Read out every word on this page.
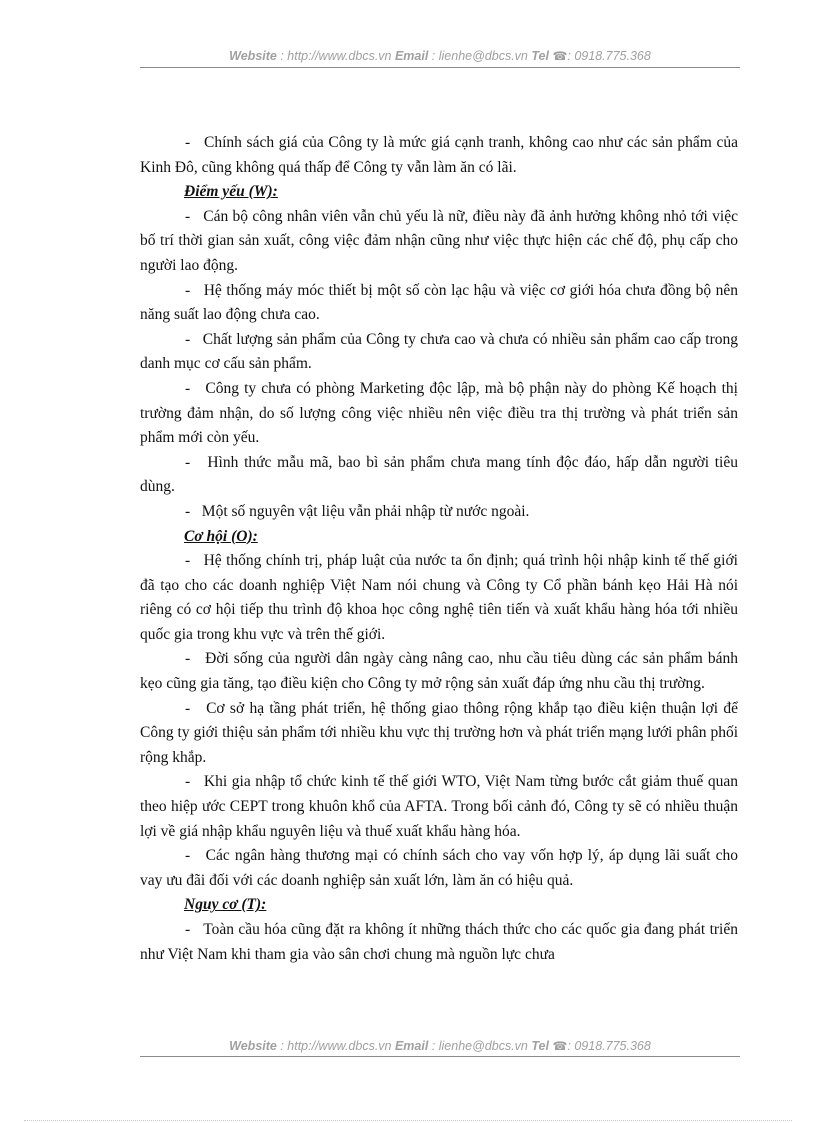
Website : http://www.dbcs.vn Email : lienhe@dbcs.vn Tel ☎: 0918.775.368

-   Chính sách giá của Công ty là mức giá cạnh tranh, không cao như các sản phẩm của Kinh Đô, cũng không quá thấp để Công ty vẫn làm ăn có lãi.

Điểm yếu (W):

-   Cán bộ công nhân viên vẫn chủ yếu là nữ, điều này đã ảnh hưởng không nhỏ tới việc bố trí thời gian sản xuất, công việc đảm nhận cũng như việc thực hiện các chế độ, phụ cấp cho người lao động.

-   Hệ thống máy móc thiết bị một số còn lạc hậu và việc cơ giới hóa chưa đồng bộ nên năng suất lao động chưa cao.

-   Chất lượng sản phẩm của Công ty chưa cao và chưa có nhiều sản phẩm cao cấp trong danh mục cơ cấu sản phẩm.

-   Công ty chưa có phòng Marketing độc lập, mà bộ phận này do phòng Kế hoạch thị trường đảm nhận, do số lượng công việc nhiều nên việc điều tra thị trường và phát triển sản phẩm mới còn yếu.

-   Hình thức mẫu mã, bao bì sản phẩm chưa mang tính độc đáo, hấp dẫn người tiêu dùng.

-   Một số nguyên vật liệu vẫn phải nhập từ nước ngoài.

Cơ hội (O):

-   Hệ thống chính trị, pháp luật của nước ta ổn định; quá trình hội nhập kinh tế thế giới đã tạo cho các doanh nghiệp Việt Nam nói chung và Công ty Cổ phần bánh kẹo Hải Hà nói riêng có cơ hội tiếp thu trình độ khoa học công nghệ tiên tiến và xuất khẩu hàng hóa tới nhiều quốc gia trong khu vực và trên thế giới.

-   Đời sống của người dân ngày càng nâng cao, nhu cầu tiêu dùng các sản phẩm bánh kẹo cũng gia tăng, tạo điều kiện cho Công ty mở rộng sản xuất đáp ứng nhu cầu thị trường.

-   Cơ sở hạ tầng phát triển, hệ thống giao thông rộng khắp tạo điều kiện thuận lợi để Công ty giới thiệu sản phẩm tới nhiều khu vực thị trường hơn và phát triển mạng lưới phân phối rộng khắp.

-   Khi gia nhập tổ chức kinh tế thế giới WTO, Việt Nam từng bước cắt giảm thuế quan theo hiệp ước CEPT trong khuôn khổ của AFTA. Trong bối cảnh đó, Công ty sẽ có nhiều thuận lợi về giá nhập khẩu nguyên liệu và thuế xuất khẩu hàng hóa.

-   Các ngân hàng thương mại có chính sách cho vay vốn hợp lý, áp dụng lãi suất cho vay ưu đãi đối với các doanh nghiệp sản xuất lớn, làm ăn có hiệu quả.

Nguy cơ (T):

-   Toàn cầu hóa cũng đặt ra không ít những thách thức cho các quốc gia đang phát triển như Việt Nam khi tham gia vào sân chơi chung mà nguồn lực chưa

Website : http://www.dbcs.vn Email : lienhe@dbcs.vn Tel ☎: 0918.775.368
